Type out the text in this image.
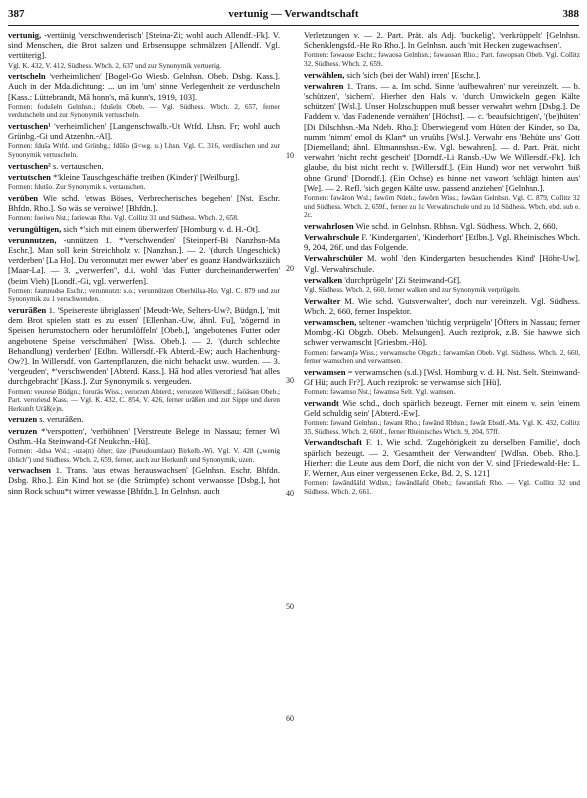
387	vertunig — Verwandtschaft	388

vertunig, -vertünig 'verschwenderisch' [Steina-Zi; wohl auch Allendf.-Fk]. V. sind Menschen, die Brot salzen und Erbsensuppe schmälzen [Allendf. Vgl. vertüterig].
Vgl. K. 432, V. 412, Südhess. Wbch. 2, 637 und zur Synonymik vertuerig.

vertscheln 'verheimlichen' [Bogel-Go Wiesb. Gelnhsn. Obeb. Dsbg. Kass.]. Auch in der Mda.dichtung: ... un im 'um' sinne Verlegenheit ze verduscheln [Kass.: Lüttebrandt, Mā honn's, mā kunn's, 1919, 103].
Formen: fodušeln Gelnhsn.; fdušeln Obeb. — Vgl. Südhess. Wbch. 2, 657, ferner verdutscheln und zur Synonymik vertuscheln.

vertuschen¹ 'verheimlichen' [Langenschwalb.-Ut Wtfd. Lhsn. Fr; wohl auch Grünbg.-Gi und Atzenhn.-Al].
Formen: fduša Wtfd. und Grünbg.; fdūšo (ā<wg. u.) Lhsn. Vgl. C. 316, verdüschen und zur Synonymik vertuscheln.

vertuschen² s. vertauschen.

vertutschen *'kleine Tauschgeschäfte treiben (Kinder)' [Weilburg].
Formen: fdutšo. Zur Synonymik s. vertauschen.

verüben Wie schd. 'etwas Böses, Verbrecherisches begehen' [Nst. Eschr. Bhfdn. Rho.]. So wäs se veroiwe! [Bhfdn.].
Formen: foeiwo Nst.; fəriewən Rho. Vgl. Collitz 31 und Südhess. Wbch. 2, 658.

verungültigen, sich *'sich mit einem überwerfen' [Homburg v. d. H.-Ot].

verunnutzen, -unnützen 1. *'verschwenden' [Steinperf-Bi Nanzhsn-Ma Eschr.]. Man soll kein Streichholz v. [Nanzhsn.]. — 2. '(durch Ungeschick) verderben' [La Ho]. Du veronnutzt mer ewwer 'aber' es goanz Handwärkszäich [Maar-La]. — 3. „verwerfen", d.i. wohl 'das Futter durcheinanderwerfen' (beim Vieh) [Londf.-Gi, vgl. verwerfen].
Formen: fəunnudsə Eschr.; verunnutzt: s.o.; verunnützen Oberhülsa-Ho. Vgl. C. 879 und zur Synonymik zu 1 verschwenden.

verurāßen 1. 'Speisereste übriglassen' [Meudt-We, Selters-Uw?, Büdgn.], 'mit dem Brot spielen statt es zu essen' [Ellenhan.-Uw, ähnl. Fu], 'zögernd in Speisen herumstochern oder herumlöffeln' [Obeb.], 'angebotenes Futter oder angebotene Speise verschmähen' [Wiss. Obeb.]. — 2. '(durch schlechte Behandlung) verderben' [Etlbn. Willersdf.-Fk Abterd.-Ew; auch Hachenburg-Ow?]. In Willersdf. von Gartenpflanzen, die nicht behackt usw. wurden. — 3. 'vergeuden', *'verschwenden' [Abterd. Kass.]. Hā hod alles veroriesd 'hat alles durchgebracht' [Kass.]. Zur Synonymik s. vergeuden.
Formen: veurese Büdgn.; foruräs Wiss.; verorzen Abterd.; veroozen Willersdf.; fəöäsən Obeb.; Part. veroriesd Kass. — Vgl. K. 432, C. 854, V. 426, ferner urāßen und zur Sippe und deren Herkunft Urāß(e)n.

veruzen s. verurāßen.

veruzen *'verspotten', 'verhöhnen' [Verstreute Belege in Nassau; ferner Wi Osthm.-Ha Steinwand-Gf Neukchn.-Hü].
Formen: -üdsə Wsl.; -uzə(n) öfter; üze (Pseudoumlaut) Birkelb.-Wi. Vgl. V. 428 („wenig üblich") und Südhess. Wbch. 2, 659, ferner, auch zur Herkunft und Synonymik, uzen.

verwachsen 1. Trans. 'aus etwas herauswachsen' [Gelnhsn. Eschr. Bhfdn. Dsbg. Rho.]. Ein Kind hot se (die Strümpfe) schont verwaosse [Dsbg.], hot sinn Rock schuu*t wirrer vewasse [Bhfdn.]. In Gelnhsn. auch

10
20
30
40
50
60

Verletzungen v. — 2. Part. Prät. als Adj. 'buckelig', 'verkrüppelt' [Gelnhsn. Schenklengsfd.-He Ro Rho.]. In Gelnhsn. auch 'mit Hecken zugewachsen'.
Formen: fəwaose Eschr.; fəwaosə Gelnhsn.; fəwaosən Rho.; Part. fəwopsən Obeb. Vgl. Collitz 32, Südhess. Wbch. 2, 659.

verwählen, sich 'sich (bei der Wahl) irren' [Eschr.].

verwahren 1. Trans. — a. Im schd. Sinne 'aufbewahren' nur vereinzelt. — b. 'schützen', 'sichern'. Hierher den Hals v. 'durch Umwickeln gegen Kälte schützen' [Wsl.]. Unser Holzschuppen muß besser verwahrt wehrn [Dsbg.]. De Faddem v. 'das Fadenende vernähen' [Höchst]. — c. 'beaufsichtigen', '(be)hüten' [Di Dilschhsn.-Ma Ndeb. Rho.]: Überwiegend vom Hüten der Kinder, so Da, numm 'nimm' emol ds Klan* un vruühs [Wsl.]. Verwahr ens 'Behüte uns' Gott [Diemelland; ähnl. Eltmannshsn.-Ew. Vgl. bewahren]. — d. Part. Prät. nicht verwahrt 'nicht recht gescheit' [Dorndf.-Li Ransb.-Uw We Willersdf.-Fk]. Ich glaube, du bist nicht recht v. [Willersdf.]. (Ein Hund) wor net verwohrt 'biß ohne Grund' [Dorndf.]. (Ein Ochse) es hinne net vawort 'schlägt hinten aus' [We]. — 2. Refl. 'sich gegen Kälte usw. passend anziehen' [Gelnhsn.].
Formen: fəwāron Wsl.; fəwōrn Ndeb.; fəwōrn Wiss.; fəwāən Gelnhsn. Vgl. C. 879, Collitz 32 und Südhess. Wbch. 2, 659f., ferner zu 1c Verwahrschule und zu 1d Südhess. Wbch. ebd. sub e. 2c.

verwahrlosen Wie schd. in Gelnhsn. Rbhsn. Vgl. Südhess. Wbch. 2, 660.

Verwahrschule F. 'Kindergarten', 'Kinderhort' [Etlbn.]. Vgl. Rheinisches Wbch. 9, 204, 26f. und das Folgende.

Verwahrschüler M. wohl 'den Kindergarten besuchendes Kind' [Höhr-Uw]. Vgl. Verwahrschule.

verwalken 'durchprügeln' [Zi Steinwand-Gf].
Vgl. Südhess. Wbch. 2, 660, ferner walken und zur Synonymik verprügeln.

Verwalter M. Wie schd. 'Gutsverwalter', doch nur vereinzelt. Vgl. Südhess. Wbch. 2, 660, ferner Inspektor.

verwamschen, seltener -wamchen 'tüchtig verprügeln' [Öfters in Nassau; ferner Mombg.-Ki Obgzb. Obeb. Melsungen]. Auch reziprok, z.B. Sie hawwe sich schwer verwamscht [Griesbm.-Hö].
Formen: fərwam∫ə Wiss.; verwamsche Obgzb.; fərwamšən Obeb. Vgl. Südhess. Wbch. 2, 660, ferner wamschen und verwamsen.

verwamsen = verwamschen (s.d.) [Wsl. Homburg v. d. H. Nst. Selt. Steinwand-Gf Hü; auch Fr?]. Auch reziprok: se verwamse sich [Hü].
Formen: fəwamso Nst.; fəwamsə Selt. Vgl. wamsen.

verwandt Wie schd., doch spärlich bezeugt. Ferner mit einem v. sein 'einem Geld schuldig sein' [Abterd.-Ew].
Formen: fəwand Gelnhsn.; fəwant Rho.; fəwānd Rbhsn.; fəwāt Ebsdf.-Ma. Vgl. K. 432, Collitz 35, Südhess. Wbch. 2, 660f., ferner Rheinisches Wbch. 9, 204, 57ff.

Verwandtschaft F. 1. Wie schd. 'Zugehörigkeit zu derselben Familie', doch spärlich bezeugt. — 2. 'Gesamtheit der Verwandten' [Wdlsn. Obeb. Rho.]. Hierher: die Leute aus dem Dorf, die nicht von der V. sind [Friedewald-He: L. F. Werner, Aus einer vergessenen Ecke, Bd. 2, S. 121]
Formen: fəwāndšäfd Wdlsn.; fəwāndšafd Obeb.; fəwantšaft Rho. — Vgl. Collitz 32 und Südhess. Wbch. 2, 661.
